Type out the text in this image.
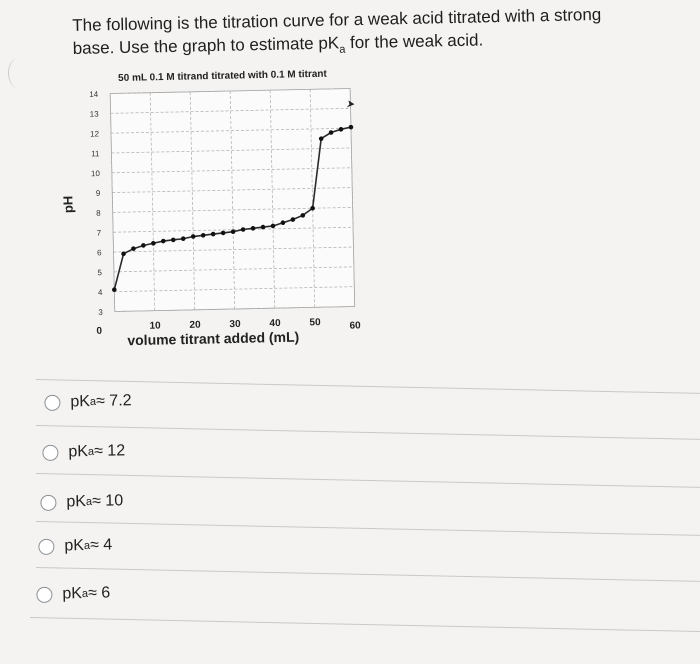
The following is the titration curve for a weak acid titrated with a strong
base. Use the graph to estimate $pK_a$ for the weak acid.
50 mL 0.1 M titrand titrated with 0.1 M titrant
3
4
5
6
7
8
9
10
11
12
13
14
0	10	20	30	40	50	60
pH
volume titrant added (mL)
pK a ≈ 7.2
pK a ≈ 12
pK a ≈ 10
pK a ≈ 4
pK a ≈ 6
